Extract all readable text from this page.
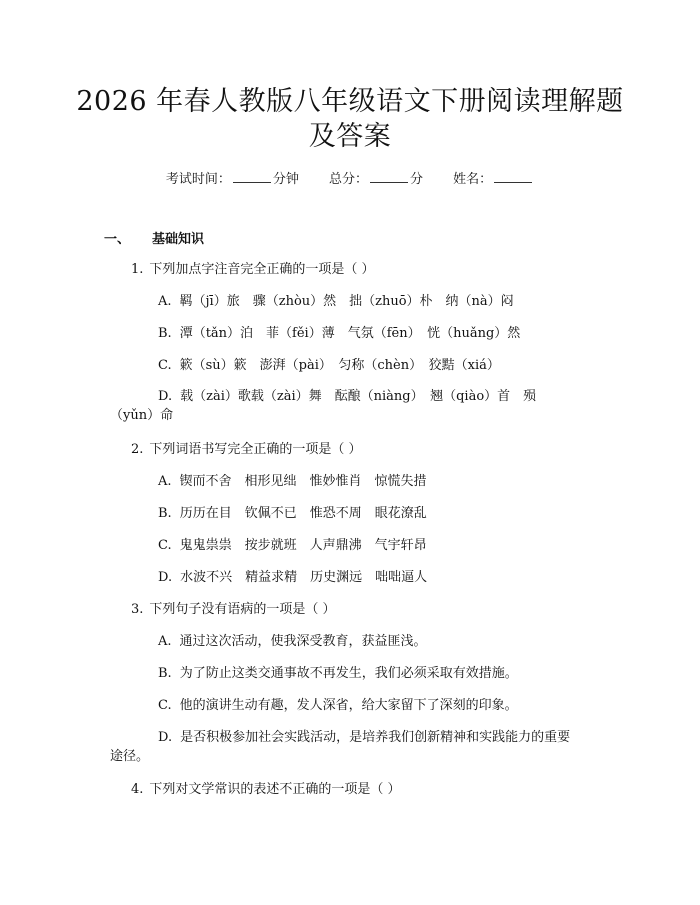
2026 年春人教版八年级语文下册阅读理解题
及答案
考试时间：	分钟 总分：	分 姓名：
一、 基础知识
1. 下列加点字注音完全正确的一项是（ ）
A. 羁（jī）旅　骤（zhòu）然　拙（zhuō）朴　纳（nà）闷
B. 潭（tǎn）泊　菲（fěi）薄　气氛（fēn）　恍（huǎng）然
C. 簌（sù）簌　澎湃（pài）　匀称（chèn）　狡黠（xiá）
D. 载（zài）歌载（zài）舞　酝酿（niàng）　翘（qiào）首　殒
（yǔn）命
2. 下列词语书写完全正确的一项是（ ）
A. 锲而不舍　相形见绌　惟妙惟肖　惊慌失措
B. 历历在目　钦佩不已　惟恐不周　眼花潦乱
C. 鬼鬼祟祟　按步就班　人声鼎沸　气宇轩昂
D. 水波不兴　精益求精　历史渊远　咄咄逼人
3. 下列句子没有语病的一项是（ ）
A. 通过这次活动，使我深受教育，获益匪浅。
B. 为了防止这类交通事故不再发生，我们必须采取有效措施。
C. 他的演讲生动有趣，发人深省，给大家留下了深刻的印象。
D. 是否积极参加社会实践活动，是培养我们创新精神和实践能力的重要
途径。
4. 下列对文学常识的表述不正确的一项是（ ）
